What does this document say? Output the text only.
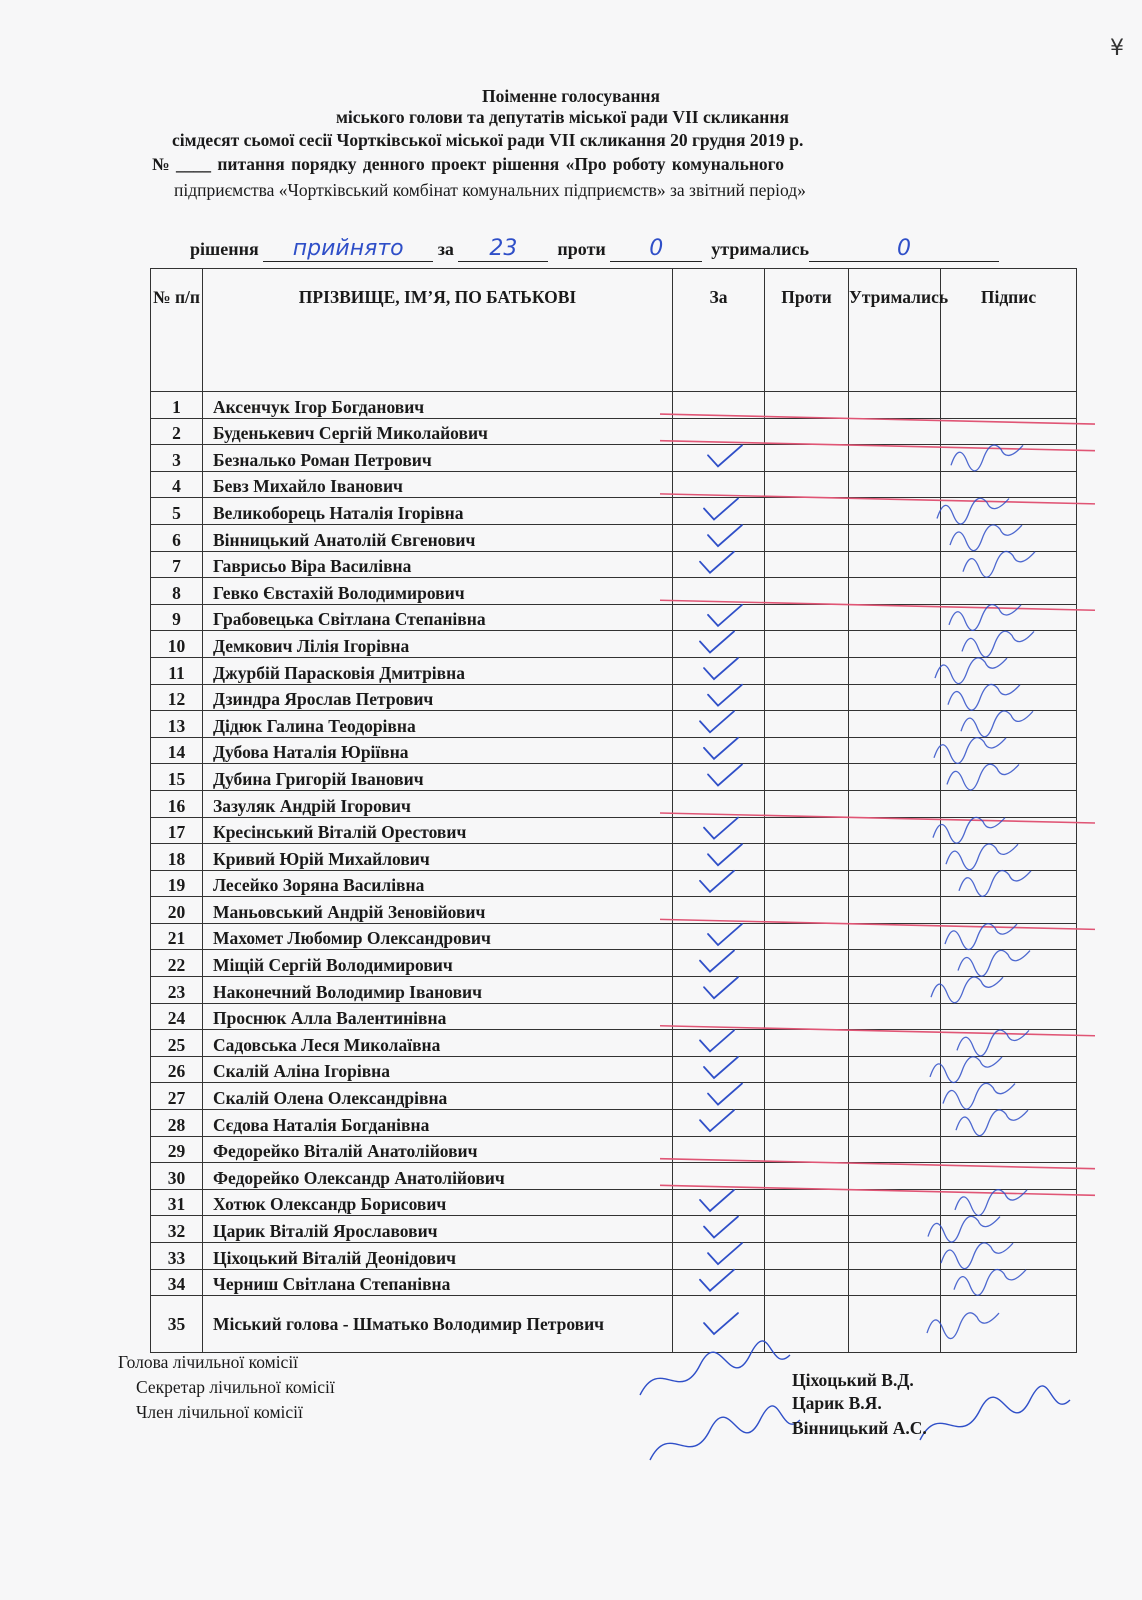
¥
Поіменне голосування
міського голови та депутатів міської ради VII скликання
сімдесят сьомої сесії Чортківської міської ради VII скликання 20 грудня 2019 р.
№ ____ питання порядку денного проект рішення «Про роботу комунального
підприємства «Чортківський комбінат комунальних підприємств» за звітний період»
рішення прийнято за 23 проти 0	утримались	0
№ п/п	ПРІЗВИЩЕ, ІМ’Я, ПО БАТЬКОВІ	За	Проти	Утримались	Підпис
1	Аксенчук Ігор Богданович				
2	Буденькевич Сергій Миколайович				
3	Безналько Роман Петрович				
4	Бевз Михайло Іванович				
5	Великоборець Наталія Ігорівна				
6	Вінницький Анатолій Євгенович				
7	Гаврисьо Віра Василівна				
8	Гевко Євстахій Володимирович				
9	Грабовецька Світлана Степанівна				
10	Демкович Лілія Ігорівна				
11	Джурбій Парасковія Дмитрівна				
12	Дзиндра Ярослав Петрович				
13	Дідюк Галина Теодорівна				
14	Дубова Наталія Юріївна				
15	Дубина Григорій Іванович				
16	Зазуляк Андрій Ігорович				
17	Кресінський Віталій Орестович				
18	Кривий Юрій Михайлович				
19	Лесейко Зоряна Василівна				
20	Маньовський Андрій Зеновійович				
21	Махомет Любомир Олександрович				
22	Міщій Сергій Володимирович				
23	Наконечний Володимир Іванович				
24	Проснюк Алла Валентинівна				
25	Садовська Леся Миколаївна				
26	Скалій Аліна Ігорівна				
27	Скалій Олена Олександрівна				
28	Сєдова Наталія Богданівна				
29	Федорейко Віталій Анатолійович				
30	Федорейко Олександр Анатолійович				
31	Хотюк Олександр Борисович				
32	Царик Віталій Ярославович				
33	Ціхоцький Віталій Деонідович				
34	Черниш Світлана Степанівна				
35	Міський голова - Шматько Володимир Петрович				
Голова лічильної комісії
Ціхоцький В.Д.
Секретар лічильної комісії
Царик В.Я.
Член лічильної комісії
Вінницький А.С.
